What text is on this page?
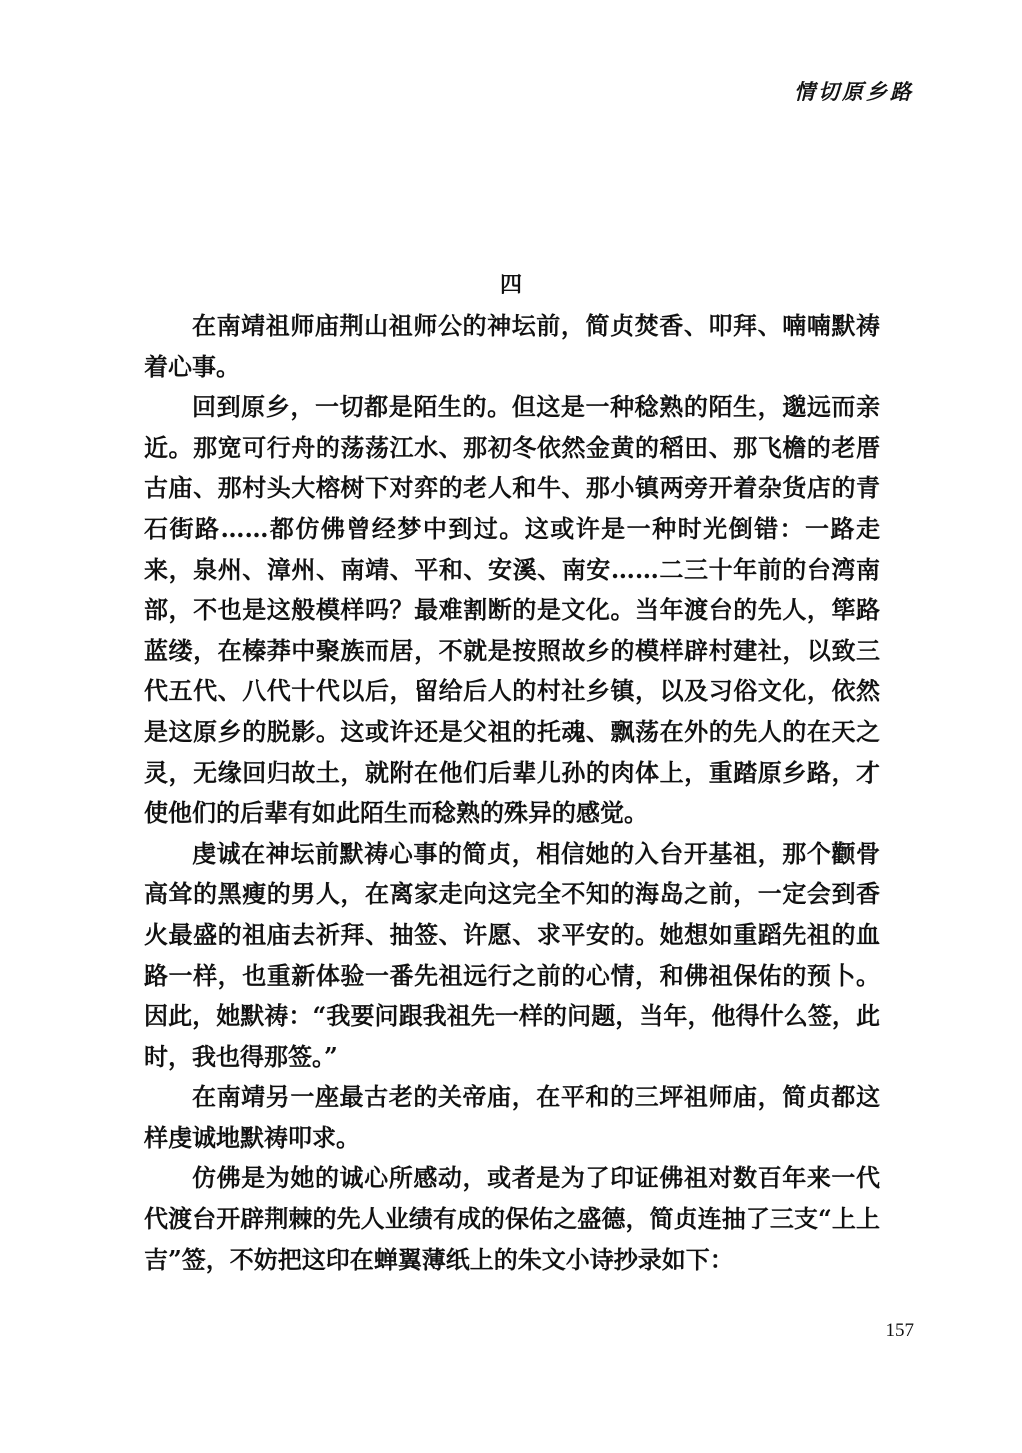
情切原乡路
四

在南靖祖师庙荆山祖师公的神坛前，简贞焚香、叩拜、喃喃默祷着心事。

回到原乡，一切都是陌生的。但这是一种稔熟的陌生，邈远而亲近。那宽可行舟的荡荡江水、那初冬依然金黄的稻田、那飞檐的老厝古庙、那村头大榕树下对弈的老人和牛、那小镇两旁开着杂货店的青石街路……都仿佛曾经梦中到过。这或许是一种时光倒错：一路走来，泉州、漳州、南靖、平和、安溪、南安……二三十年前的台湾南部，不也是这般模样吗？最难割断的是文化。当年渡台的先人，筚路蓝缕，在榛莽中聚族而居，不就是按照故乡的模样辟村建社，以致三代五代、八代十代以后，留给后人的村社乡镇，以及习俗文化，依然是这原乡的脱影。这或许还是父祖的托魂、飘荡在外的先人的在天之灵，无缘回归故土，就附在他们后辈儿孙的肉体上，重踏原乡路，才使他们的后辈有如此陌生而稔熟的殊异的感觉。

虔诚在神坛前默祷心事的简贞，相信她的入台开基祖，那个颧骨高耸的黑瘦的男人，在离家走向这完全不知的海岛之前，一定会到香火最盛的祖庙去祈拜、抽签、许愿、求平安的。她想如重蹈先祖的血路一样，也重新体验一番先祖远行之前的心情，和佛祖保佑的预卜。因此，她默祷：“我要问跟我祖先一样的问题，当年，他得什么签，此时，我也得那签。”

在南靖另一座最古老的关帝庙，在平和的三坪祖师庙，简贞都这样虔诚地默祷叩求。

仿佛是为她的诚心所感动，或者是为了印证佛祖对数百年来一代代渡台开辟荆棘的先人业绩有成的保佑之盛德，简贞连抽了三支“上上吉”签，不妨把这印在蝉翼薄纸上的朱文小诗抄录如下：

157
